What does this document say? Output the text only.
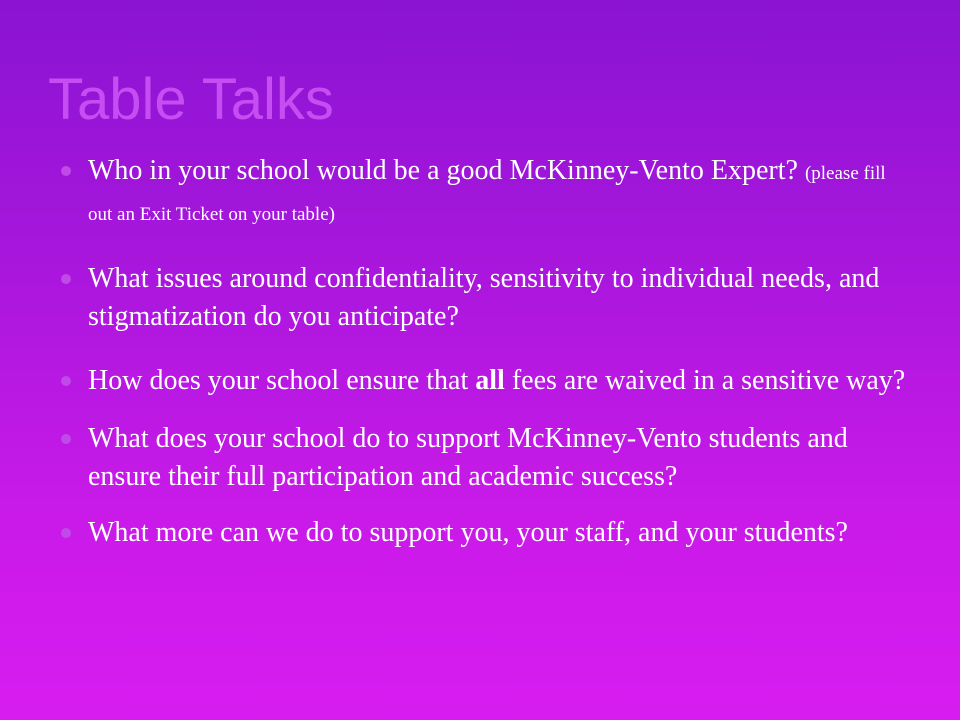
Table Talks
Who in your school would be a good McKinney-Vento Expert? (please fill out an Exit Ticket on your table)
What issues around confidentiality, sensitivity to individual needs, and stigmatization do you anticipate?
How does your school ensure that all fees are waived in a sensitive way?
What does your school do to support McKinney-Vento students and ensure their full participation and academic success?
What more can we do to support you, your staff, and your students?
